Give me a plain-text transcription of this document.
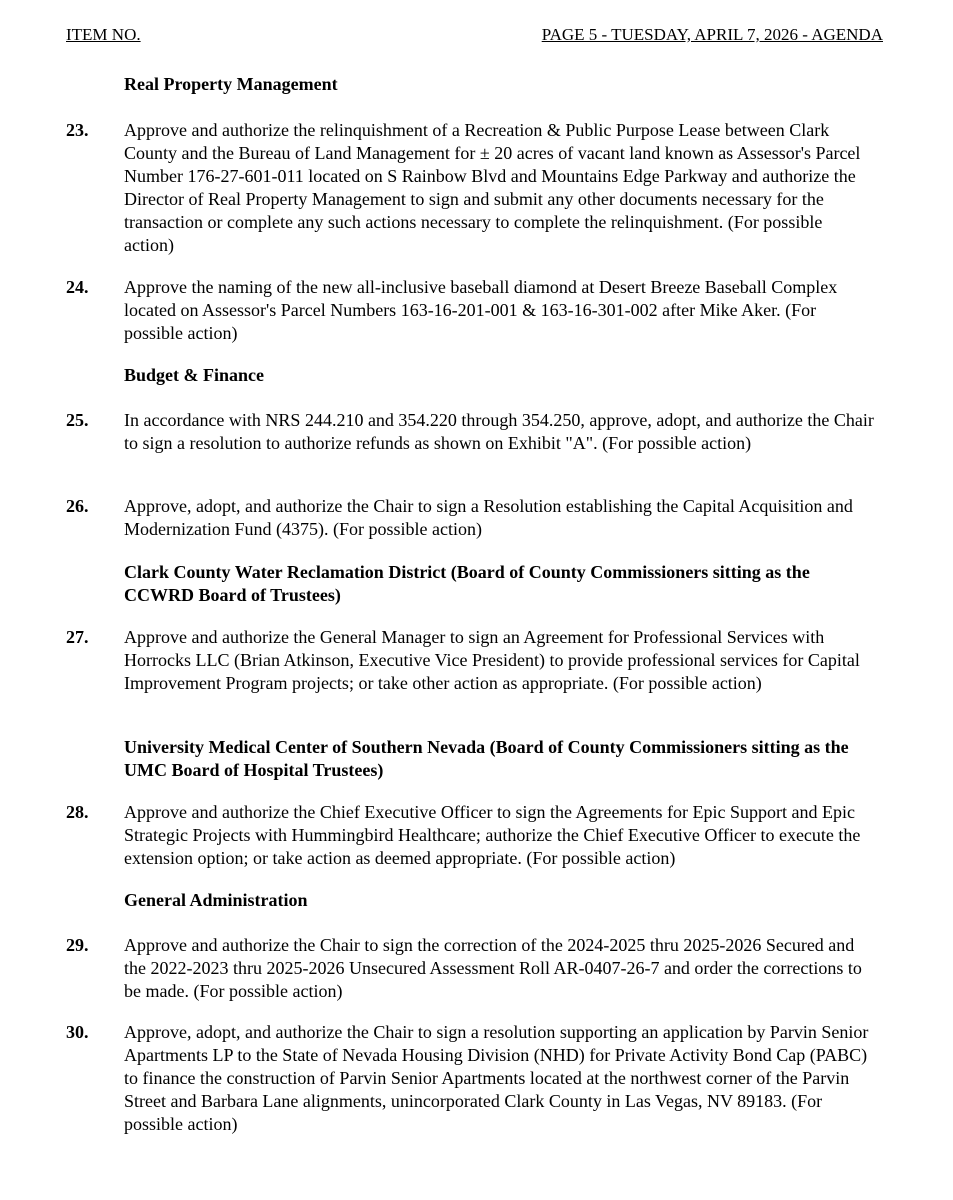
ITEM NO.	PAGE 5 - TUESDAY, APRIL 7, 2026 - AGENDA
Real Property Management
23. Approve and authorize the relinquishment of a Recreation & Public Purpose Lease between Clark County and the Bureau of Land Management for ± 20 acres of vacant land known as Assessor's Parcel Number 176-27-601-011 located on S Rainbow Blvd and Mountains Edge Parkway and authorize the Director of Real Property Management to sign and submit any other documents necessary for the transaction or complete any such actions necessary to complete the relinquishment. (For possible action)
24. Approve the naming of the new all-inclusive baseball diamond at Desert Breeze Baseball Complex located on Assessor's Parcel Numbers 163-16-201-001 & 163-16-301-002 after Mike Aker. (For possible action)
Budget & Finance
25. In accordance with NRS 244.210 and 354.220 through 354.250, approve, adopt, and authorize the Chair to sign a resolution to authorize refunds as shown on Exhibit "A". (For possible action)
26. Approve, adopt, and authorize the Chair to sign a Resolution establishing the Capital Acquisition and Modernization Fund (4375). (For possible action)
Clark County Water Reclamation District (Board of County Commissioners sitting as the CCWRD Board of Trustees)
27. Approve and authorize the General Manager to sign an Agreement for Professional Services with Horrocks LLC (Brian Atkinson, Executive Vice President) to provide professional services for Capital Improvement Program projects; or take other action as appropriate. (For possible action)
University Medical Center of Southern Nevada (Board of County Commissioners sitting as the UMC Board of Hospital Trustees)
28. Approve and authorize the Chief Executive Officer to sign the Agreements for Epic Support and Epic Strategic Projects with Hummingbird Healthcare; authorize the Chief Executive Officer to execute the extension option; or take action as deemed appropriate. (For possible action)
General Administration
29. Approve and authorize the Chair to sign the correction of the 2024-2025 thru 2025-2026 Secured and the 2022-2023 thru 2025-2026 Unsecured Assessment Roll AR-0407-26-7 and order the corrections to be made. (For possible action)
30. Approve, adopt, and authorize the Chair to sign a resolution supporting an application by Parvin Senior Apartments LP to the State of Nevada Housing Division (NHD) for Private Activity Bond Cap (PABC) to finance the construction of Parvin Senior Apartments located at the northwest corner of the Parvin Street and Barbara Lane alignments, unincorporated Clark County in Las Vegas, NV 89183. (For possible action)
